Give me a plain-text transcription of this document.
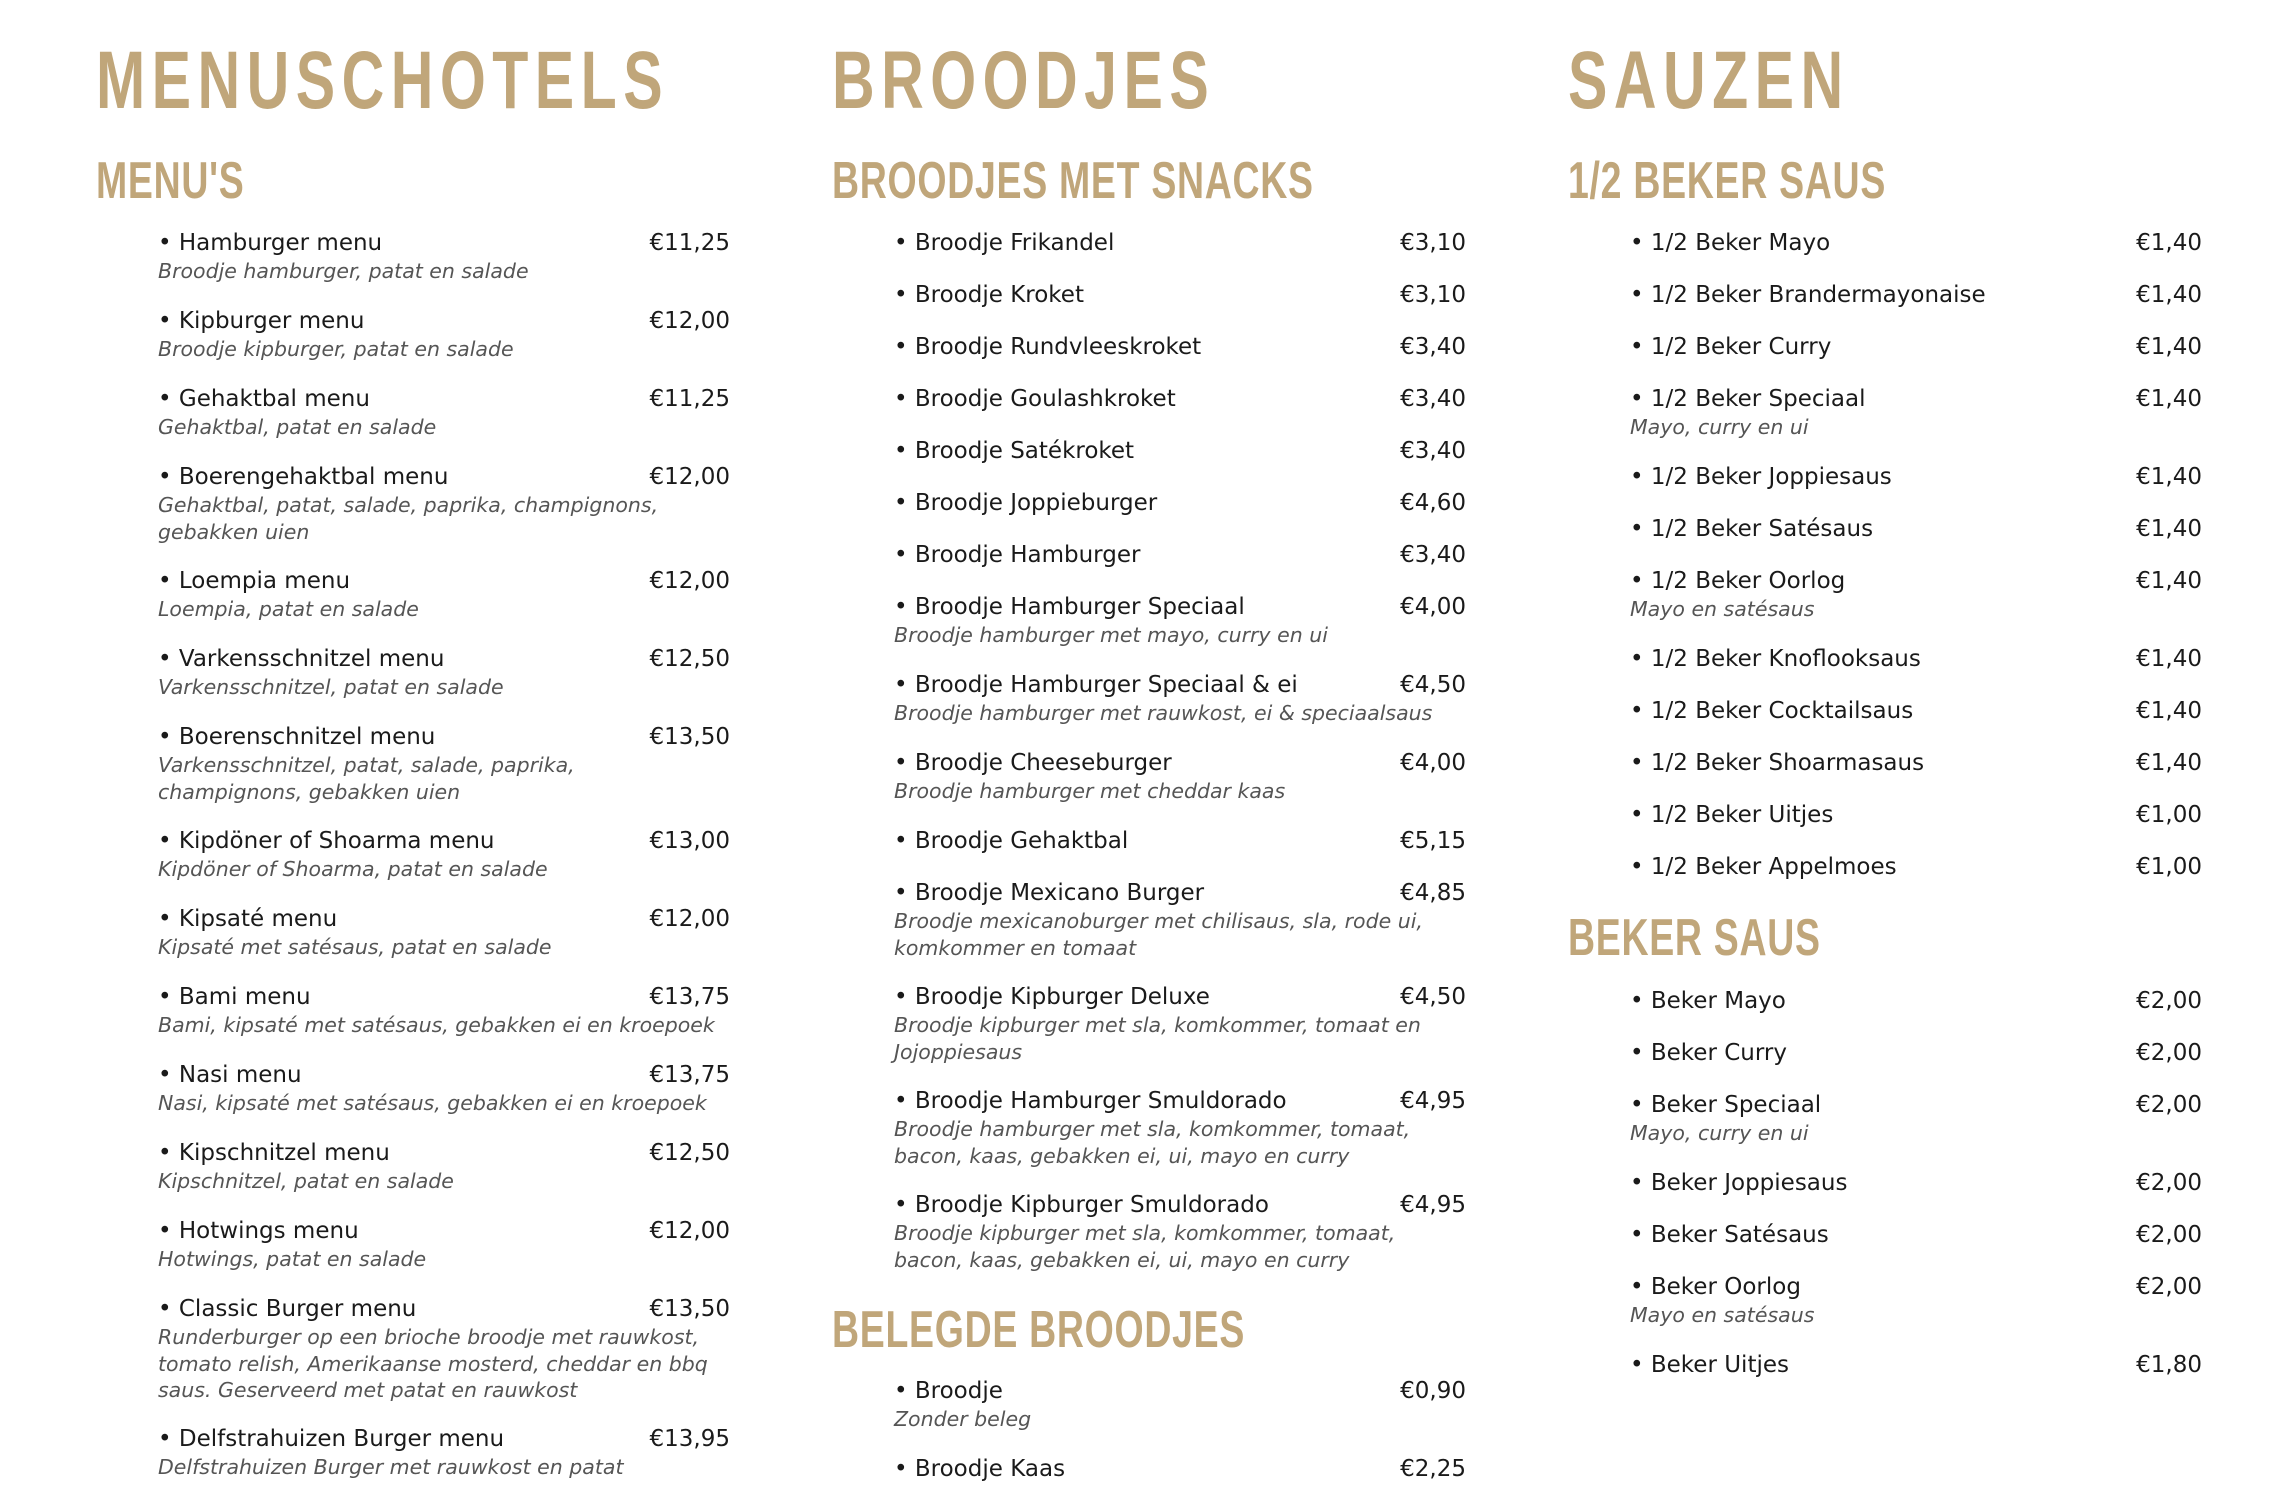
MENUSCHOTELS
MENU'S
• Hamburger menu	€11,25
Broodje hamburger, patat en salade
• Kipburger menu	€12,00
Broodje kipburger, patat en salade
• Gehaktbal menu	€11,25
Gehaktbal, patat en salade
• Boerengehaktbal menu	€12,00
Gehaktbal, patat, salade, paprika, champignons, gebakken uien
• Loempia menu	€12,00
Loempia, patat en salade
• Varkensschnitzel menu	€12,50
Varkensschnitzel, patat en salade
• Boerenschnitzel menu	€13,50
Varkensschnitzel, patat, salade, paprika, champignons, gebakken uien
• Kipdöner of Shoarma menu	€13,00
Kipdöner of Shoarma, patat en salade
• Kipsaté menu	€12,00
Kipsaté met satésaus, patat en salade
• Bami menu	€13,75
Bami, kipsaté met satésaus, gebakken ei en kroepoek
• Nasi menu	€13,75
Nasi, kipsaté met satésaus, gebakken ei en kroepoek
• Kipschnitzel menu	€12,50
Kipschnitzel, patat en salade
• Hotwings menu	€12,00
Hotwings, patat en salade
• Classic Burger menu	€13,50
Runderburger op een brioche broodje met rauwkost, tomato relish, Amerikaanse mosterd, cheddar en bbq saus. Geserveerd met patat en rauwkost
• Delfstrahuizen Burger menu	€13,95
Delfstrahuizen Burger met rauwkost en patat
BROODJES
BROODJES MET SNACKS
BELEGDE BROODJES
• Broodje Frikandel	€3,10
• Broodje Kroket	€3,10
• Broodje Rundvleeskroket	€3,40
• Broodje Goulashkroket	€3,40
• Broodje Satékroket	€3,40
• Broodje Joppieburger	€4,60
• Broodje Hamburger	€3,40
• Broodje Hamburger Speciaal	€4,00
Broodje hamburger met mayo, curry en ui
• Broodje Hamburger Speciaal & ei	€4,50
Broodje hamburger met rauwkost, ei & speciaalsaus
• Broodje Cheeseburger	€4,00
Broodje hamburger met cheddar kaas
• Broodje Gehaktbal	€5,15
• Broodje Mexicano Burger	€4,85
Broodje mexicanoburger met chilisaus, sla, rode ui, komkommer en tomaat
• Broodje Kipburger Deluxe	€4,50
Broodje kipburger met sla, komkommer, tomaat en Jojoppiesaus
• Broodje Hamburger Smuldorado	€4,95
Broodje hamburger met sla, komkommer, tomaat, bacon, kaas, gebakken ei, ui, mayo en curry
• Broodje Kipburger Smuldorado	€4,95
Broodje kipburger met sla, komkommer, tomaat, bacon, kaas, gebakken ei, ui, mayo en curry
• Broodje	€0,90
Zonder beleg
• Broodje Kaas	€2,25
SAUZEN
1/2 BEKER SAUS
BEKER SAUS
• 1/2 Beker Mayo	€1,40
• 1/2 Beker Brandermayonaise	€1,40
• 1/2 Beker Curry	€1,40
• 1/2 Beker Speciaal	€1,40
Mayo, curry en ui
• 1/2 Beker Joppiesaus	€1,40
• 1/2 Beker Satésaus	€1,40
• 1/2 Beker Oorlog	€1,40
Mayo en satésaus
• 1/2 Beker Knoflooksaus	€1,40
• 1/2 Beker Cocktailsaus	€1,40
• 1/2 Beker Shoarmasaus	€1,40
• 1/2 Beker Uitjes	€1,00
• 1/2 Beker Appelmoes	€1,00
• Beker Mayo	€2,00
• Beker Curry	€2,00
• Beker Speciaal	€2,00
Mayo, curry en ui
• Beker Joppiesaus	€2,00
• Beker Satésaus	€2,00
• Beker Oorlog	€2,00
Mayo en satésaus
• Beker Uitjes	€1,80
